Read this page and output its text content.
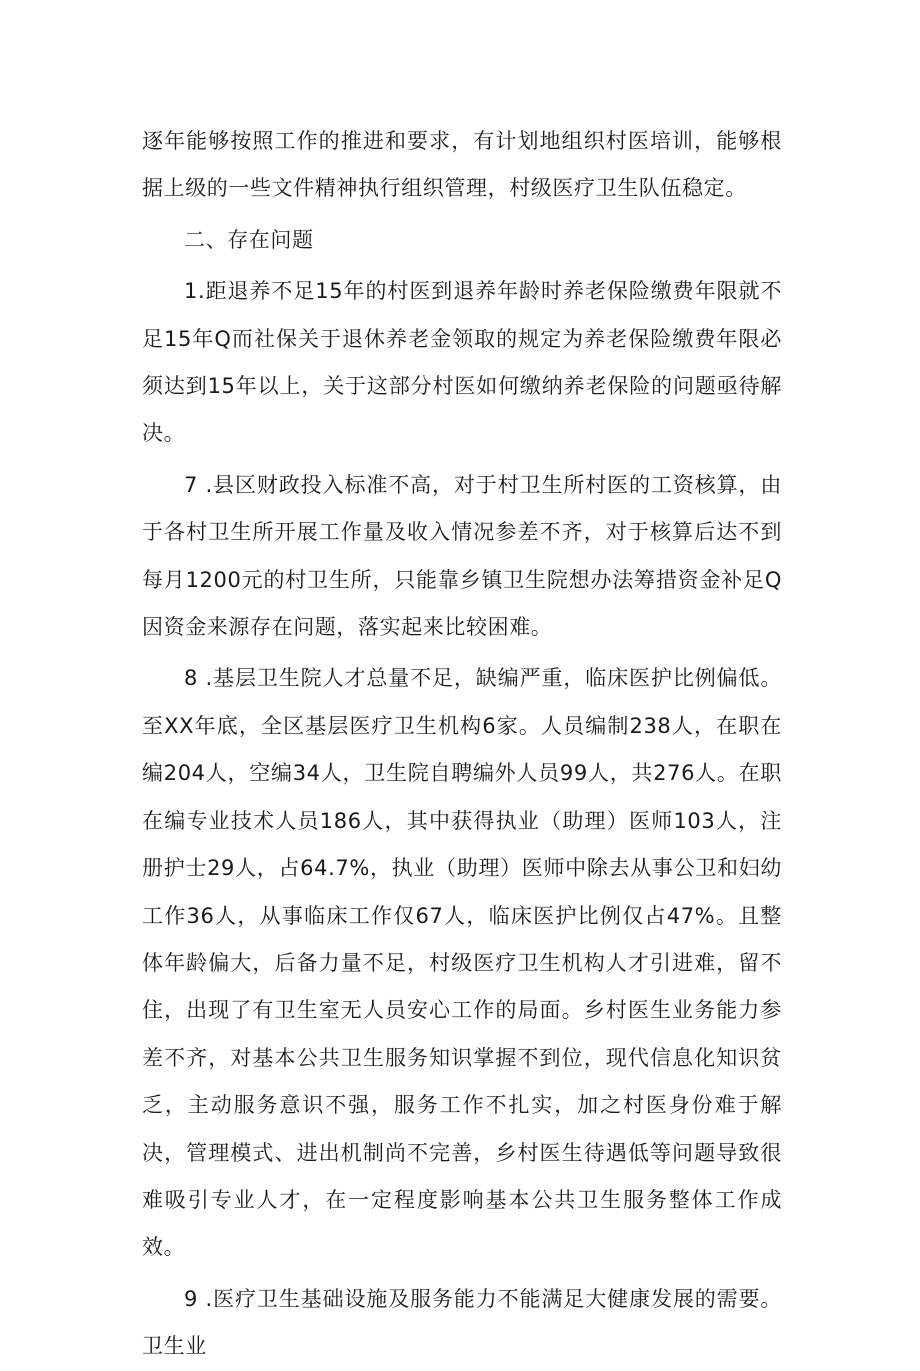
逐年能够按照工作的推进和要求，有计划地组织村医培训，能够根据上级的一些文件精神执行组织管理，村级医疗卫生队伍稳定。

二、存在问题

1.距退养不足15年的村医到退养年龄时养老保险缴费年限就不足15年Q而社保关于退休养老金领取的规定为养老保险缴费年限必须达到15年以上，关于这部分村医如何缴纳养老保险的问题亟待解决。

7 .县区财政投入标准不高，对于村卫生所村医的工资核算，由于各村卫生所开展工作量及收入情况参差不齐，对于核算后达不到每月1200元的村卫生所，只能靠乡镇卫生院想办法筹措资金补足Q因资金来源存在问题，落实起来比较困难。

8 .基层卫生院人才总量不足，缺编严重，临床医护比例偏低。至XX年底，全区基层医疗卫生机构6家。人员编制238人，在职在编204人，空编34人，卫生院自聘编外人员99人，共276人。在职在编专业技术人员186人，其中获得执业（助理）医师103人，注册护士29人，占64.7%，执业（助理）医师中除去从事公卫和妇幼工作36人，从事临床工作仅67人，临床医护比例仅占47%。且整体年龄偏大，后备力量不足，村级医疗卫生机构人才引进难，留不住，出现了有卫生室无人员安心工作的局面。乡村医生业务能力参差不齐，对基本公共卫生服务知识掌握不到位，现代信息化知识贫乏，主动服务意识不强，服务工作不扎实，加之村医身份难于解决，管理模式、进出机制尚不完善，乡村医生待遇低等问题导致很难吸引专业人才，在一定程度影响基本公共卫生服务整体工作成效。

9 .医疗卫生基础设施及服务能力不能满足大健康发展的需要。卫生业
